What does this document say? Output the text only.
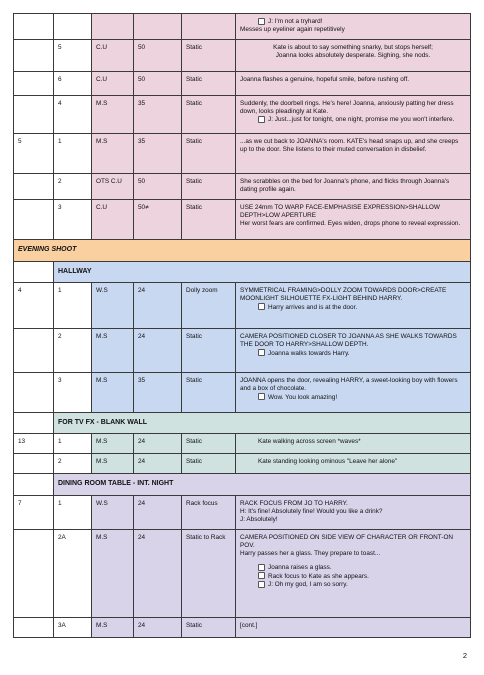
					J: I'm not a tryhard!
Messes up eyeliner again repetitively

	5	C.U	50	Static	Kate is about to say something snarky, but stops herself;
Joanna looks absolutely desperate. Sighing, she nods.

	6	C.U	50	Static	Joanna flashes a genuine, hopeful smile, before rushing off.

	4	M.S	35	Static	Suddenly, the doorbell rings. He's here! Joanna, anxiously patting her dress down, looks pleadingly at Kate.
J: Just...just for tonight, one night, promise me you won't interfere.

5	1	M.S	35	Static	...as we cut back to JOANNA's room. KATE's head snaps up, and she creeps up to the door. She listens to their muted conversation in disbelief.

	2	OTS C.U	50	Static	She scrabbles on the bed for Joanna's phone, and flicks through Joanna's dating profile again.

	3	C.U	50≠	Static	USE 24mm TO WARP FACE-EMPHASISE EXPRESSION>SHALLOW DEPTH>LOW APERTURE
Her worst fears are confirmed. Eyes widen, drops phone to reveal expression.

EVENING SHOOT					
	HALLWAY				
4	1	W.S	24	Dolly zoom	SYMMETRICAL FRAMING>DOLLY ZOOM TOWARDS DOOR>CREATE MOONLIGHT SILHOUETTE FX-LIGHT BEHIND HARRY.
Harry arrives and is at the door.

	2	M.S	24	Static	CAMERA POSITIONED CLOSER TO JOANNA AS SHE WALKS TOWARDS THE DOOR TO HARRY>SHALLOW DEPTH.
Joanna walks towards Harry.

	3	M.S	35	Static	JOANNA opens the door, revealing HARRY, a sweet-looking boy with flowers and a box of chocolate.
Wow. You look amazing!

	FOR TV FX - BLANK WALL				
13	1	M.S	24	Static	Kate walking across screen *waves*

	2	M.S	24	Static	Kate standing looking ominous "Leave her alone"

	DINING ROOM TABLE - INT. NIGHT				
7	1	W.S	24	Rack focus	RACK FOCUS FROM JO TO HARRY.
H: It's fine! Absolutely fine! Would you like a drink?
J: Absolutely!

	2A	M.S	24	Static to Rack	CAMERA POSITIONED ON SIDE VIEW OF CHARACTER OR FRONT-ON POV.
Harry passes her a glass. They prepare to toast...
Joanna raises a glass.
Rack focus to Kate as she appears.
J: Oh my god, I am so sorry.

	3A	M.S	24	Static	[cont.]
2
